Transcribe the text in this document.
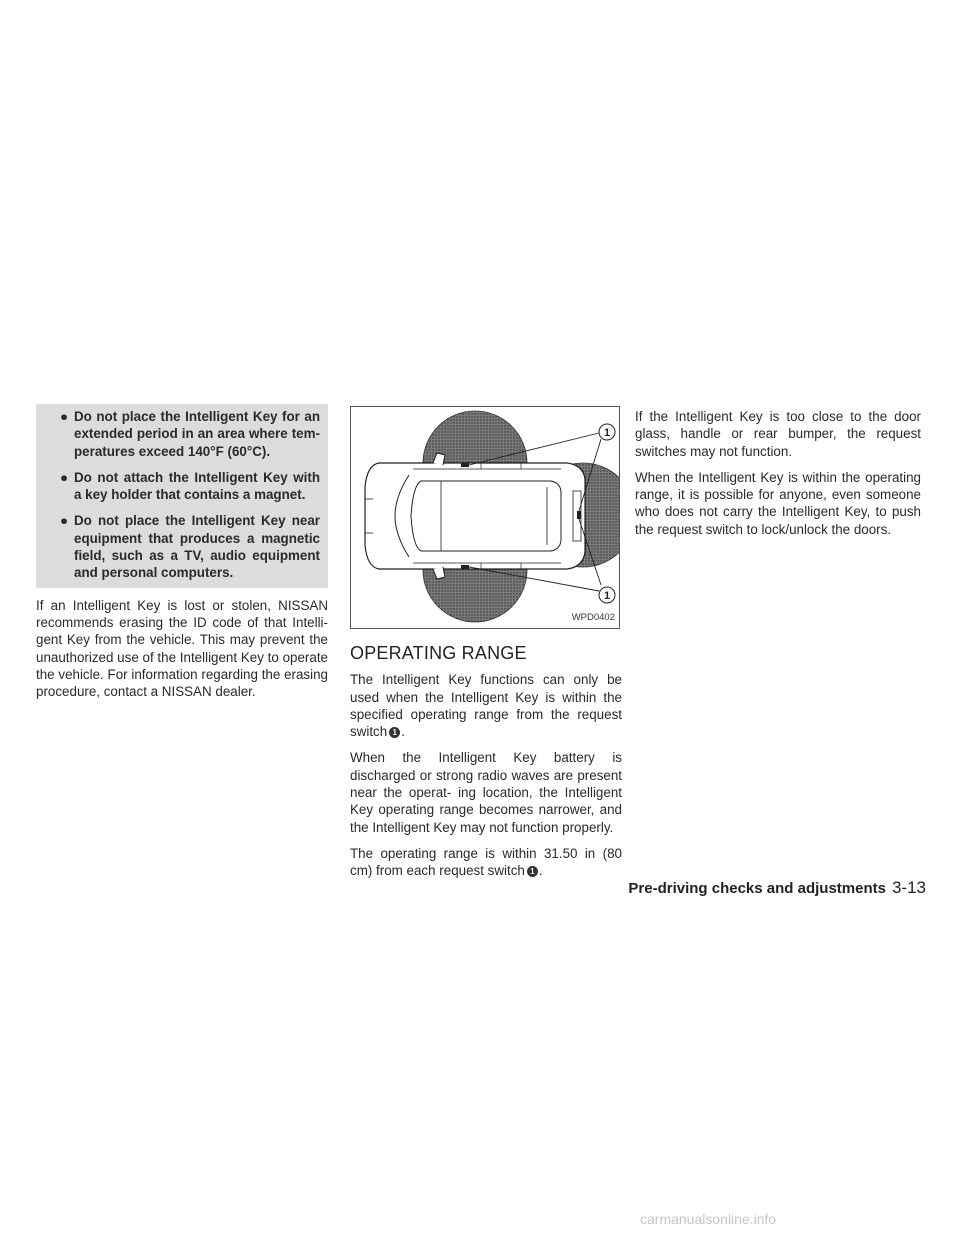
● Do not place the Intelligent Key for an extended period in an area where tem- peratures exceed 140°F (60°C).
● Do not attach the Intelligent Key with a key holder that contains a magnet.
● Do not place the Intelligent Key near equipment that produces a magnetic field, such as a TV, audio equipment and personal computers.

If an Intelligent Key is lost or stolen, NISSAN recommends erasing the ID code of that Intelli- gent Key from the vehicle. This may prevent the unauthorized use of the Intelligent Key to operate the vehicle. For information regarding the erasing procedure, contact a NISSAN dealer.

1
1
WPD0402
OPERATING RANGE

The Intelligent Key functions can only be used when the Intelligent Key is within the specified operating range from the request switch 1 .

When the Intelligent Key battery is discharged or strong radio waves are present near the operat- ing location, the Intelligent Key operating range becomes narrower, and the Intelligent Key may not function properly.

The operating range is within 31.50 in (80 cm) from each request switch 1 .

If the Intelligent Key is too close to the door glass, handle or rear bumper, the request switches may not function.

When the Intelligent Key is within the operating range, it is possible for anyone, even someone who does not carry the Intelligent Key, to push the request switch to lock/unlock the doors.

Pre-driving checks and adjustments 3-13
carmanualsonline.info
